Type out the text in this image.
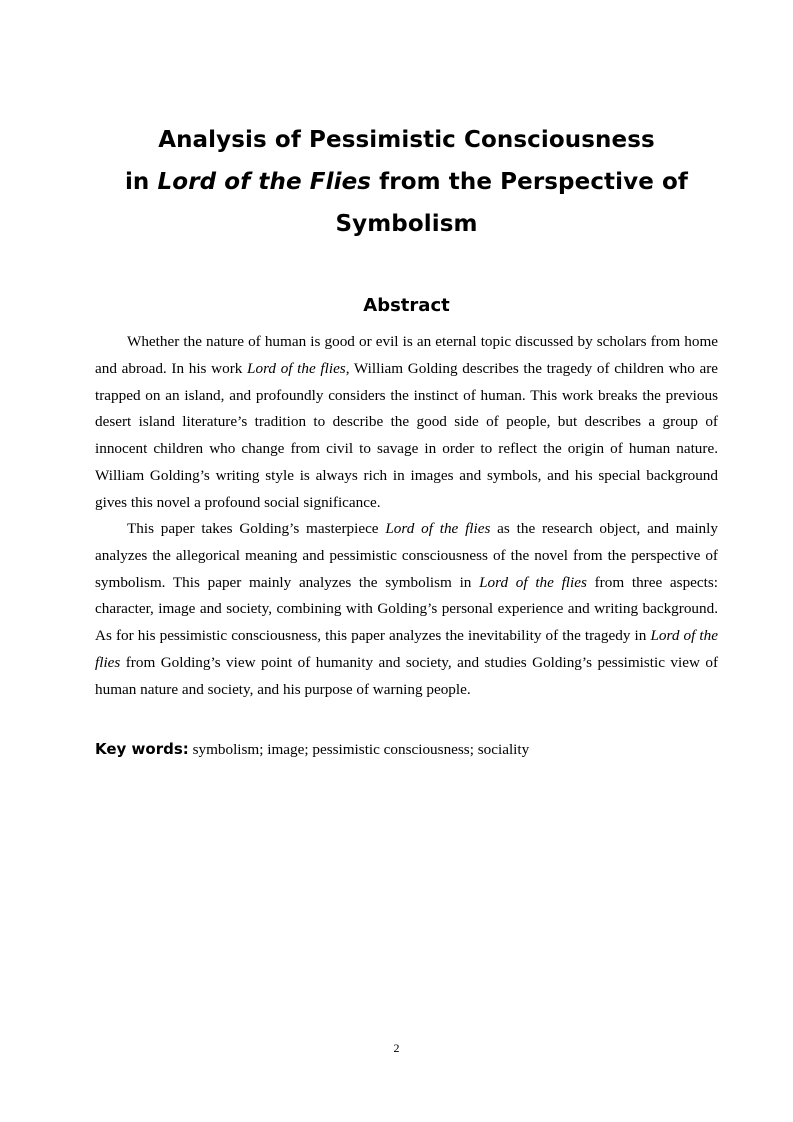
Analysis of Pessimistic Consciousness
in Lord of the Flies from the Perspective of
Symbolism
Abstract

Whether the nature of human is good or evil is an eternal topic discussed by scholars from home and abroad. In his work Lord of the flies, William Golding describes the tragedy of children who are trapped on an island, and profoundly considers the instinct of human. This work breaks the previous desert island literature’s tradition to describe the good side of people, but describes a group of innocent children who change from civil to savage in order to reflect the origin of human nature. William Golding’s writing style is always rich in images and symbols, and his special background gives this novel a profound social significance.

This paper takes Golding’s masterpiece Lord of the flies as the research object, and mainly analyzes the allegorical meaning and pessimistic consciousness of the novel from the perspective of symbolism. This paper mainly analyzes the symbolism in Lord of the flies from three aspects: character, image and society, combining with Golding’s personal experience and writing background. As for his pessimistic consciousness, this paper analyzes the inevitability of the tragedy in Lord of the flies from Golding’s view point of humanity and society, and studies Golding’s pessimistic view of human nature and society, and his purpose of warning people.

Key words: symbolism; image; pessimistic consciousness; sociality
2
